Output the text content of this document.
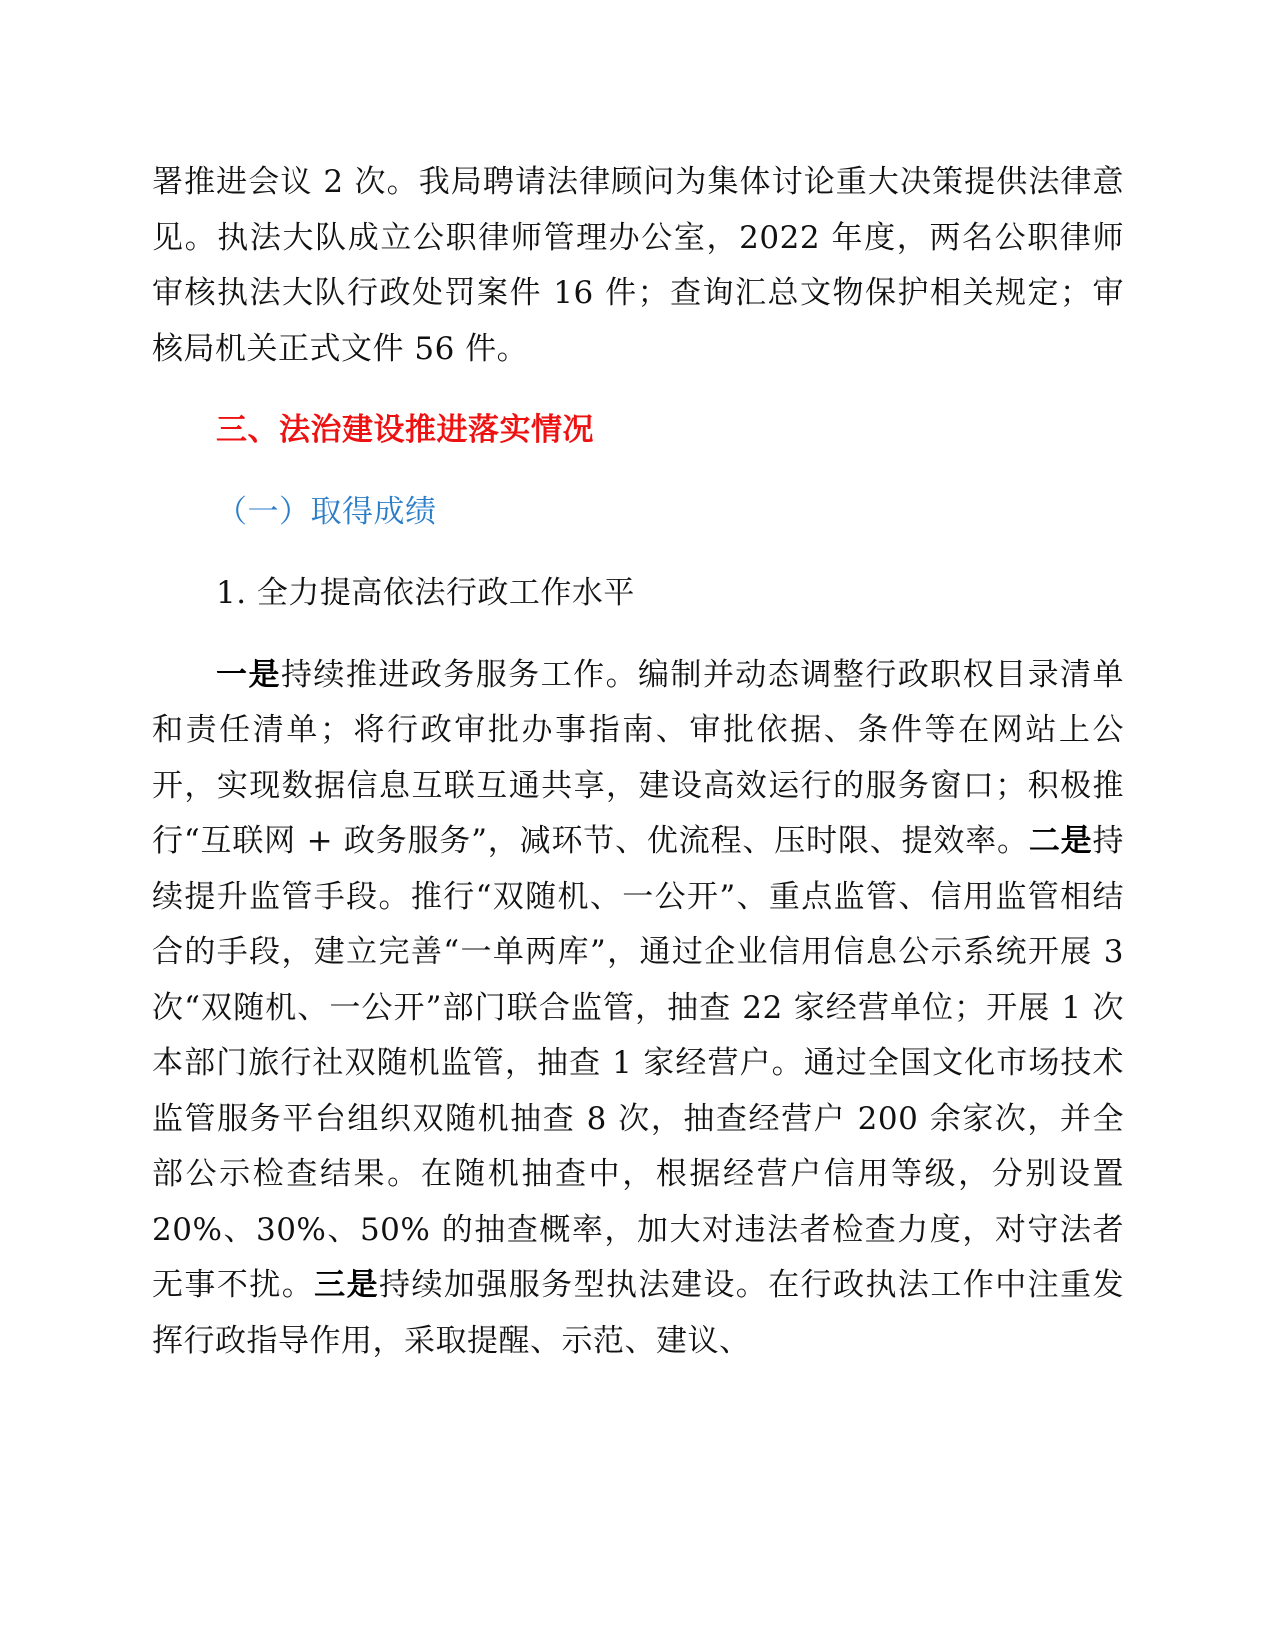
署推进会议 2 次。我局聘请法律顾问为集体讨论重大决策提供法律意见。执法大队成立公职律师管理办公室，2022 年度，两名公职律师审核执法大队行政处罚案件 16 件；查询汇总文物保护相关规定；审核局机关正式文件 56 件。

三、法治建设推进落实情况

（一）取得成绩

1. 全力提高依法行政工作水平

一是持续推进政务服务工作。编制并动态调整行政职权目录清单和责任清单；将行政审批办事指南、审批依据、条件等在网站上公开，实现数据信息互联互通共享，建设高效运行的服务窗口；积极推行“互联网 + 政务服务”，减环节、优流程、压时限、提效率。二是持续提升监管手段。推行“双随机、一公开”、重点监管、信用监管相结合的手段，建立完善“一单两库”，通过企业信用信息公示系统开展 3 次“双随机、一公开”部门联合监管，抽查 22 家经营单位；开展 1 次本部门旅行社双随机监管，抽查 1 家经营户。通过全国文化市场技术监管服务平台组织双随机抽查 8 次，抽查经营户 200 余家次，并全部公示检查结果。在随机抽查中，根据经营户信用等级，分别设置 20%、30%、50% 的抽查概率，加大对违法者检查力度，对守法者无事不扰。三是持续加强服务型执法建设。在行政执法工作中注重发挥行政指导作用，采取提醒、示范、建议、
